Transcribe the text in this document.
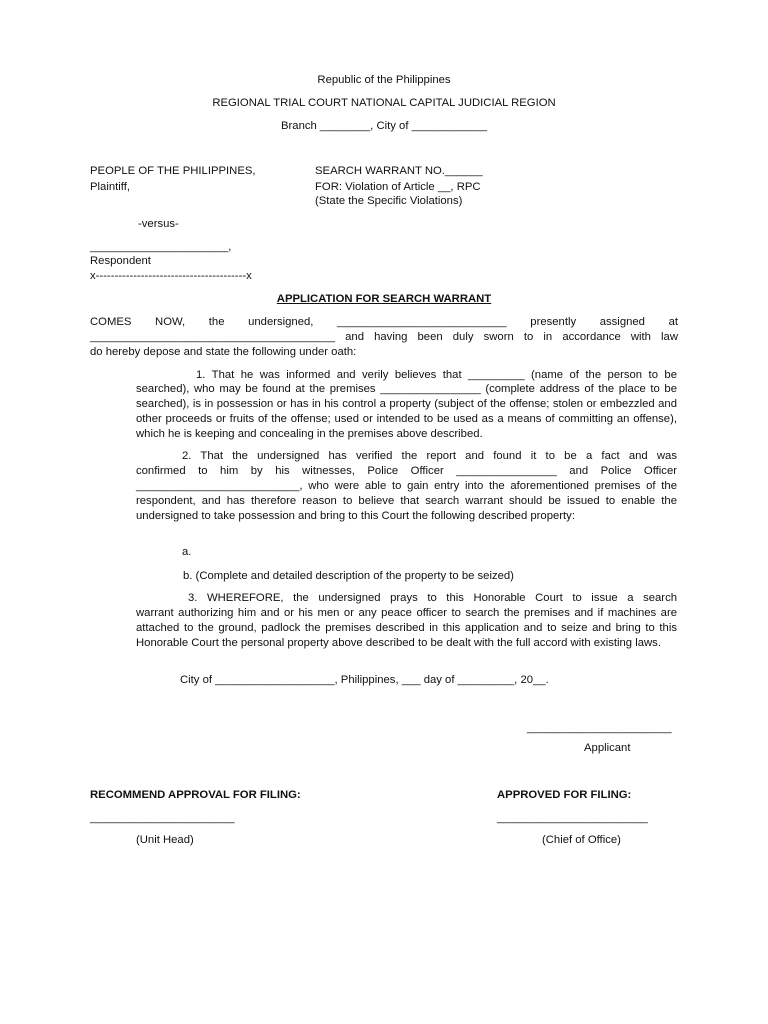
Republic of the Philippines
REGIONAL TRIAL COURT NATIONAL CAPITAL JUDICIAL REGION
Branch ________, City of ____________
PEOPLE OF THE PHILIPPINES,
Plaintiff,
SEARCH WARRANT NO.______
FOR: Violation of Article __, RPC
(State the Specific Violations)
-versus-
______________________,
Respondent
x----------------------------------------x
APPLICATION FOR SEARCH WARRANT
COMES NOW, the undersigned, ___________________________ presently assigned at
_______________________________________ and having been duly sworn to in accordance with law
do hereby depose and state the following under oath:
1. That he was informed and verily believes that _________ (name of the person to be
searched), who may be found at the premises ________________ (complete address of the place to be searched), is in possession or has in his control a property (subject of the offense; stolen or embezzled and other proceeds or fruits of the offense; used or intended to be used as a means of committing an offense), which he is keeping and concealing in the premises above described.
2. That the undersigned has verified the report and found it to be a fact and was
confirmed to him by his witnesses, Police Officer ________________ and Police Officer __________________________, who were able to gain entry into the aforementioned premises of the respondent, and has therefore reason to believe that search warrant should be issued to enable the undersigned to take possession and bring to this Court the following described property:
a.
b. (Complete and detailed description of the property to be seized)
3. WHEREFORE, the undersigned prays to this Honorable Court to issue a search
warrant authorizing him and or his men or any peace officer to search the premises and if machines are attached to the ground, padlock the premises described in this application and to seize and bring to this Honorable Court the personal property above described to be dealt with the full accord with existing laws.
City of ___________________, Philippines, ___ day of _________, 20__.
_______________________
Applicant
RECOMMEND APPROVAL FOR FILING:
_______________________
(Unit Head)
APPROVED FOR FILING:
________________________
(Chief of Office)
